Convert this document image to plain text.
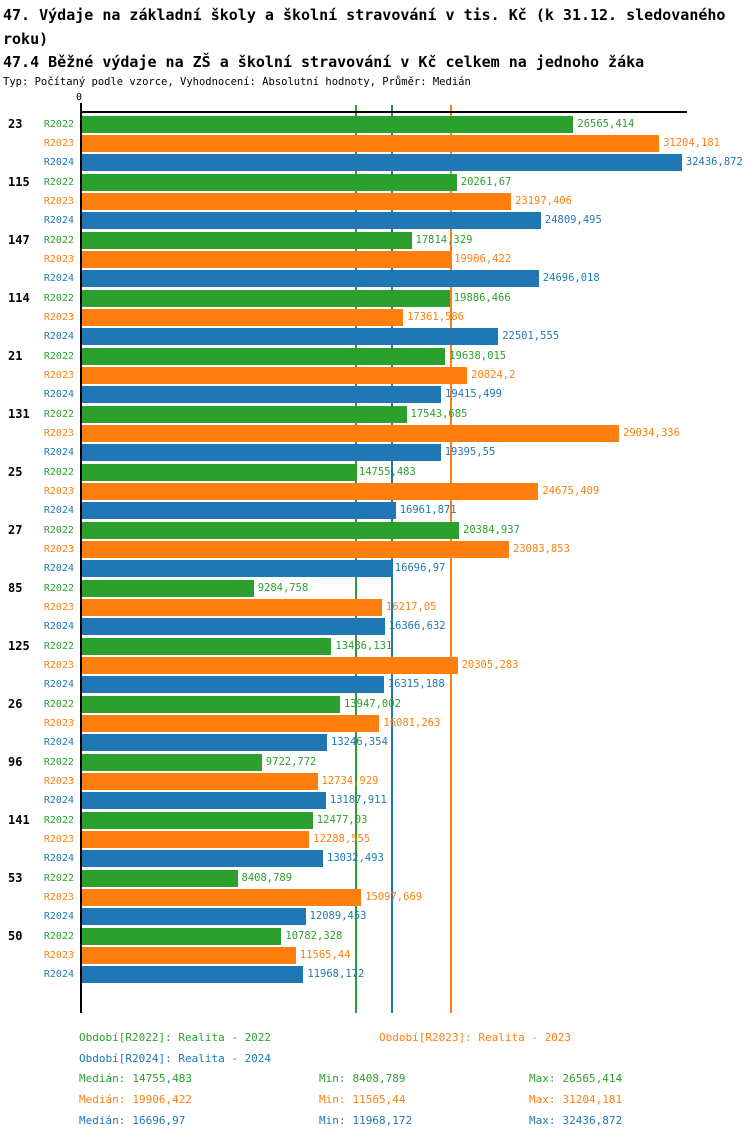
47. Výdaje na základní školy a školní stravování v tis. Kč (k 31.12. sledovaného
roku)
47.4 Běžné výdaje na ZŠ a školní stravování v Kč celkem na jednoho žáka
Typ: Počítaný podle vzorce, Vyhodnocení: Absolutní hodnoty, Průměr: Medián
0
23	R2022	26565,414
R2023	31204,181
R2024	32436,872
115	R2022	20261,67
R2023	23197,406
R2024	24809,495
147	R2022	17814,329
R2023	19906,422
R2024	24696,018
114	R2022	19886,466
R2023	17361,586
R2024	22501,555
21	R2022	19638,015
R2023	20824,2
R2024	19415,499
131	R2022	17543,685
R2023	29034,336
R2024	19395,55
25	R2022	14755,483
R2023	24675,409
R2024	16961,871
27	R2022	20384,937
R2023	23083,853
R2024	16696,97
85	R2022	9284,758
R2023	16217,05
R2024	16366,632
125	R2022	13486,131
R2023	20305,283
R2024	16315,188
26	R2022	13947,002
R2023	16081,263
R2024	13246,354
96	R2022	9722,772
R2023	12734,929
R2024	13187,911
141	R2022	12477,03
R2023	12288,555
R2024	13032,493
53	R2022	8408,789
R2023	15097,669
R2024	12089,453
50	R2022	10782,328
R2023	11565,44
R2024	11968,172
Období[R2022]: Realita - 2022	Období[R2023]: Realita - 2023
Období[R2024]: Realita - 2024
Medián: 14755,483	Min: 8408,789	Max: 26565,414
Medián: 19906,422	Min: 11565,44	Max: 31204,181
Medián: 16696,97	Min: 11968,172	Max: 32436,872
